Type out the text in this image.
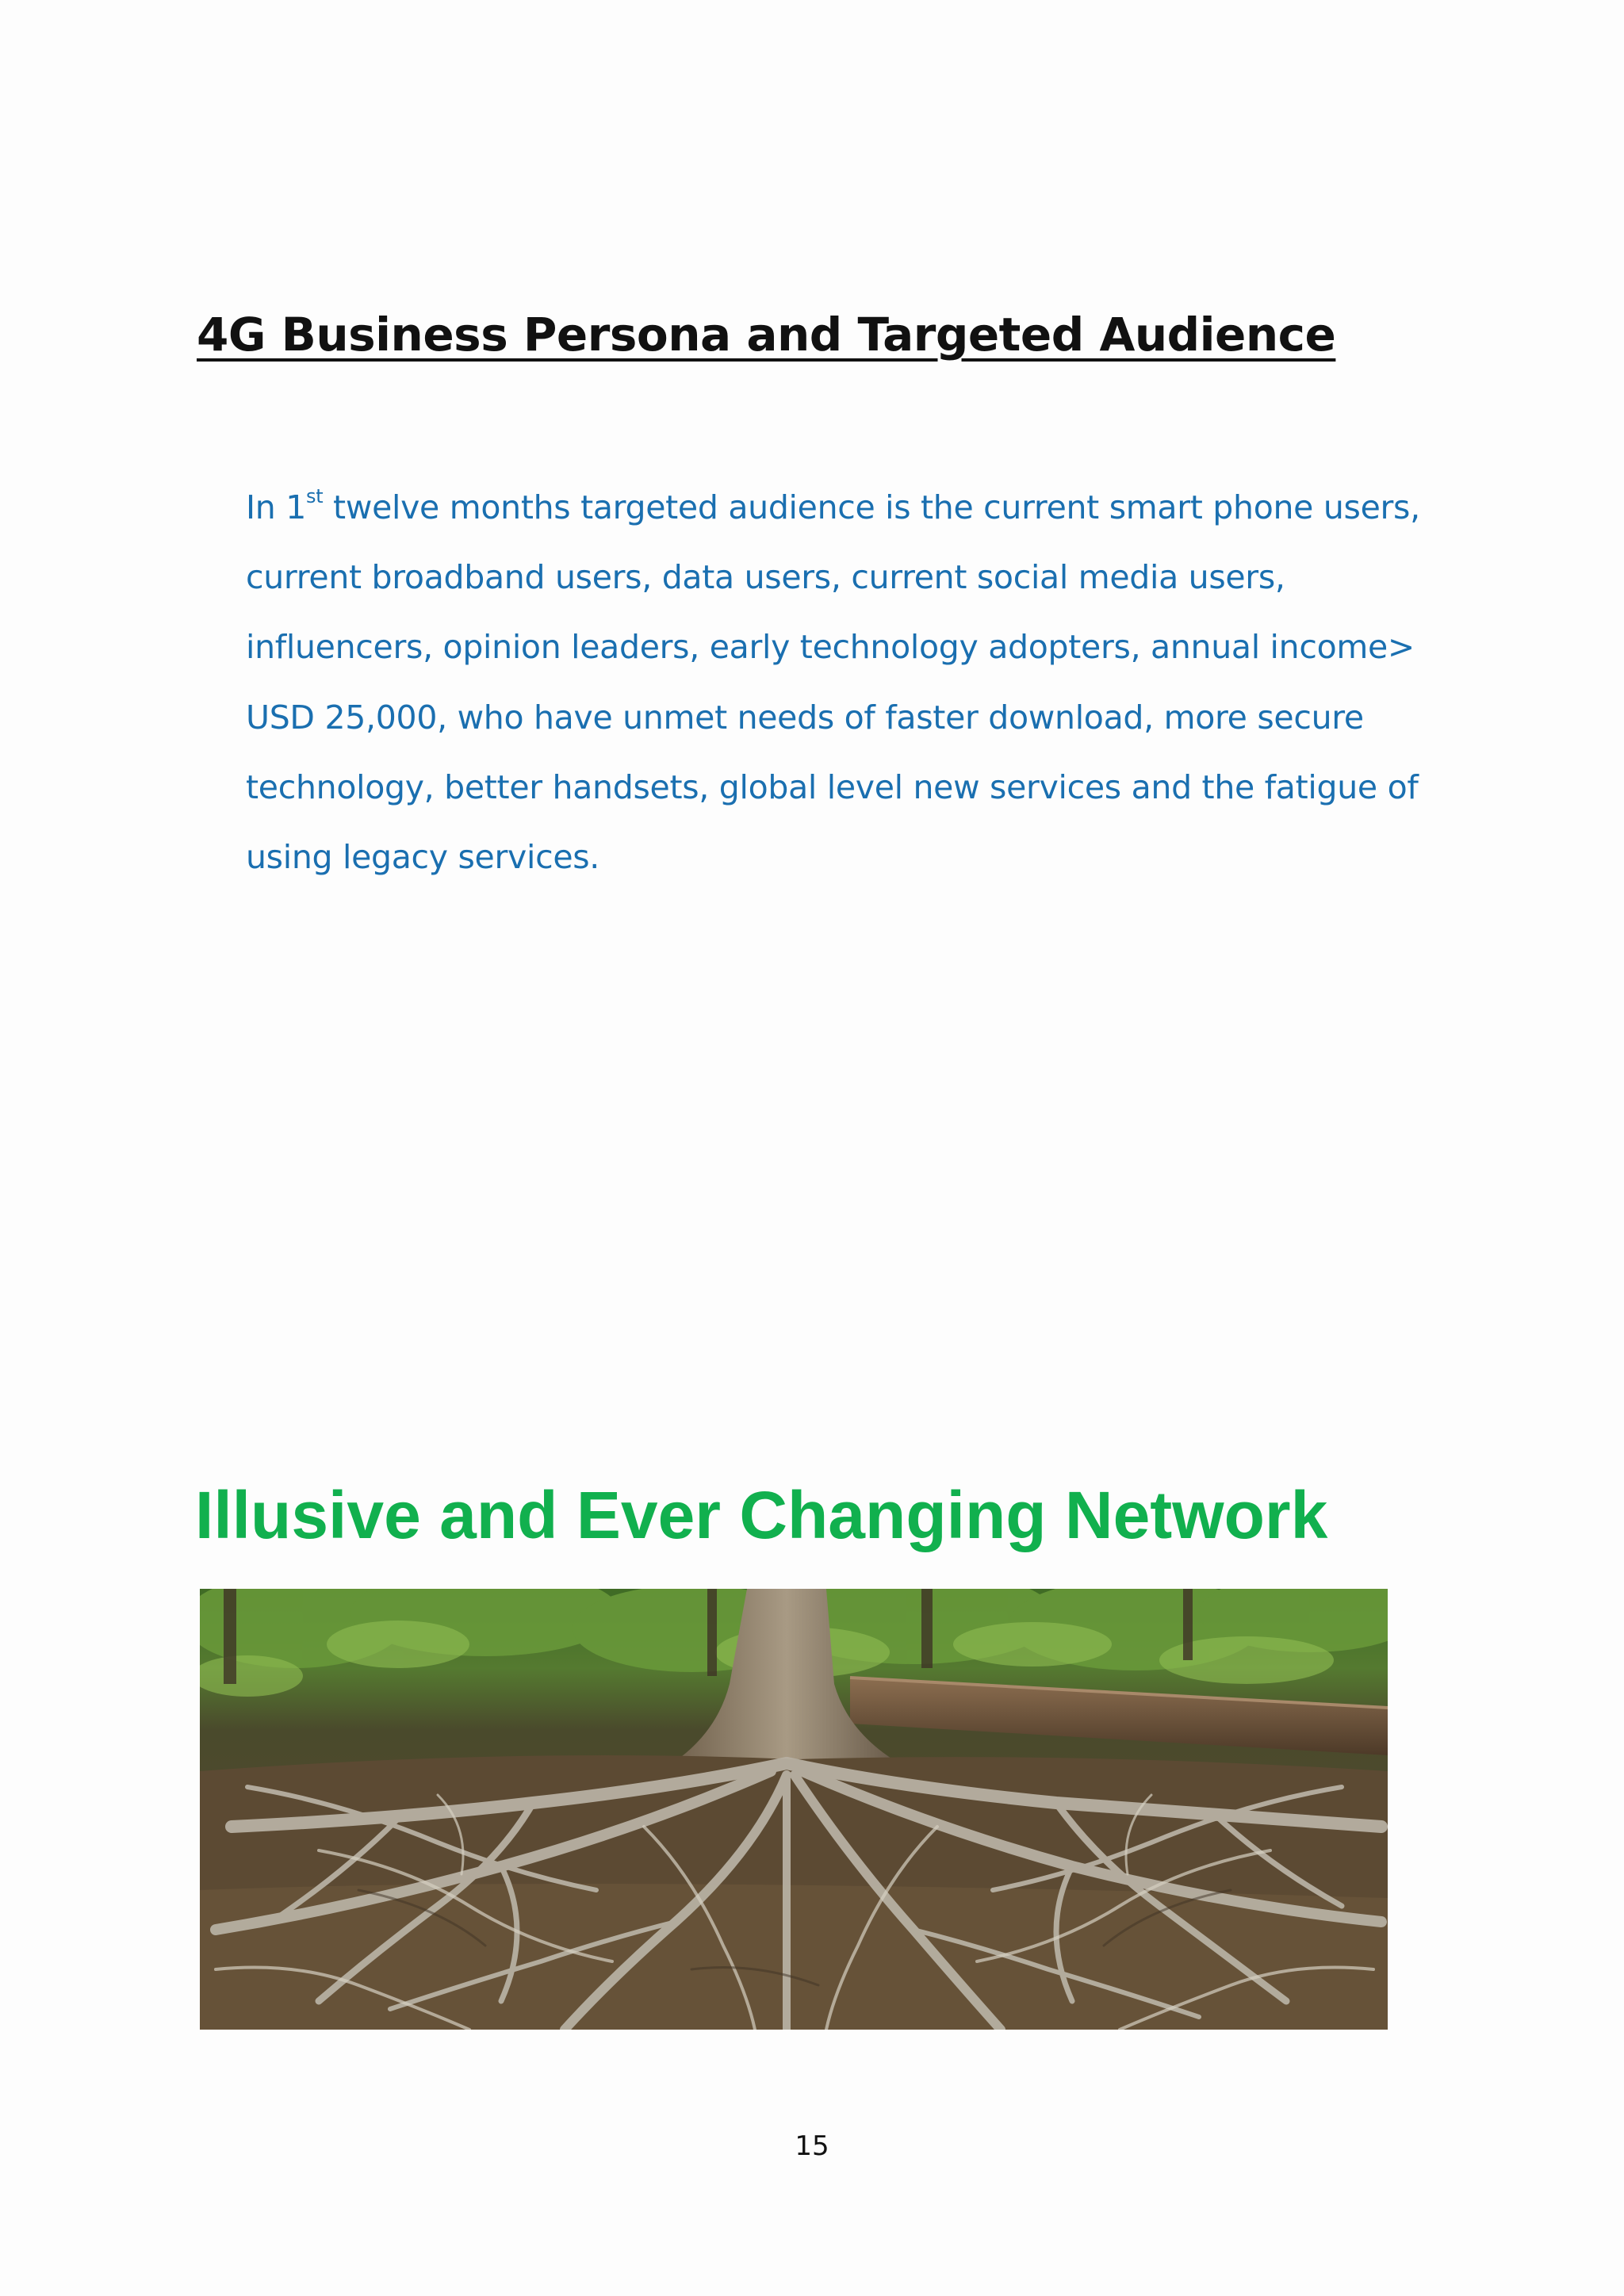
4G Business Persona and Targeted Audience

In 1st twelve months targeted audience is the current smart phone users,
current broadband users, data users, current social media users,
influencers, opinion leaders, early technology adopters, annual income>
USD 25,000, who have unmet needs of faster download, more secure
technology, better handsets, global level new services and the fatigue of
using legacy services.

Illusive and Ever Changing Network
15
